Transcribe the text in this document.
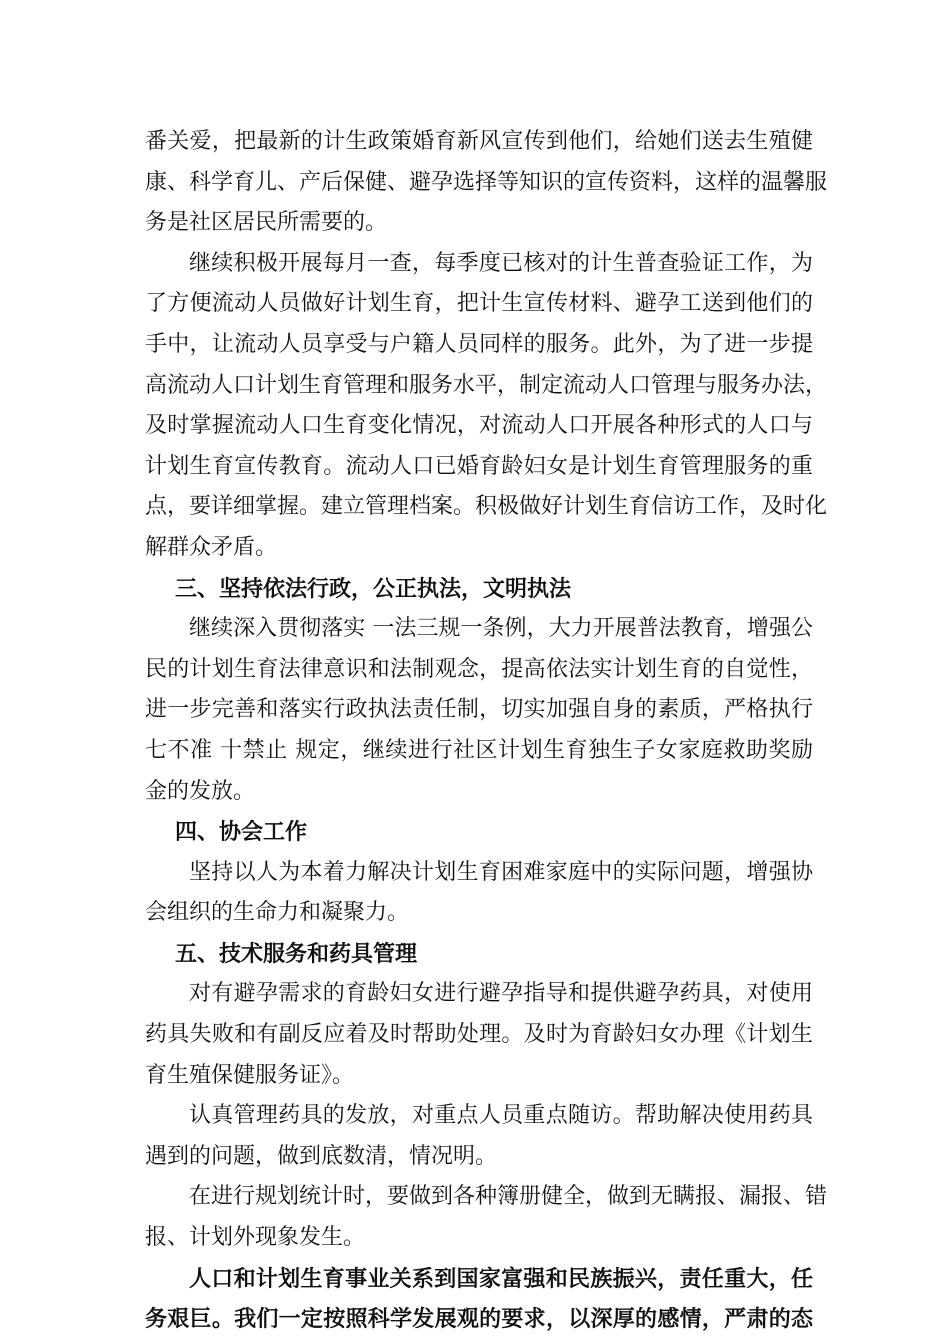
番关爱，把最新的计生政策婚育新风宣传到他们，给她们送去生殖健
康、科学育儿、产后保健、避孕选择等知识的宣传资料，这样的温馨服
务是社区居民所需要的。
继续积极开展每月一查，每季度已核对的计生普查验证工作，为
了方便流动人员做好计划生育，把计生宣传材料、避孕工送到他们的
手中，让流动人员享受与户籍人员同样的服务。此外，为了进一步提
高流动人口计划生育管理和服务水平，制定流动人口管理与服务办法，
及时掌握流动人口生育变化情况，对流动人口开展各种形式的人口与
计划生育宣传教育。流动人口已婚育龄妇女是计划生育管理服务的重
点，要详细掌握。建立管理档案。积极做好计划生育信访工作，及时化
解群众矛盾。
三、坚持依法行政，公正执法，文明执法
继续深入贯彻落实 一法三规一条例，大力开展普法教育，增强公
民的计划生育法律意识和法制观念，提高依法实计划生育的自觉性，
进一步完善和落实行政执法责任制，切实加强自身的素质，严格执行
七不准 十禁止 规定，继续进行社区计划生育独生子女家庭救助奖励
金的发放。
四、协会工作
坚持以人为本着力解决计划生育困难家庭中的实际问题，增强协
会组织的生命力和凝聚力。
五、技术服务和药具管理
对有避孕需求的育龄妇女进行避孕指导和提供避孕药具，对使用
药具失败和有副反应着及时帮助处理。及时为育龄妇女办理《计划生
育生殖保健服务证》。
认真管理药具的发放，对重点人员重点随访。帮助解决使用药具
遇到的问题，做到底数清，情况明。
在进行规划统计时，要做到各种簿册健全，做到无瞒报、漏报、错
报、计划外现象发生。
人口和计划生育事业关系到国家富强和民族振兴，责任重大，任
务艰巨。我们一定按照科学发展观的要求，以深厚的感情，严肃的态
